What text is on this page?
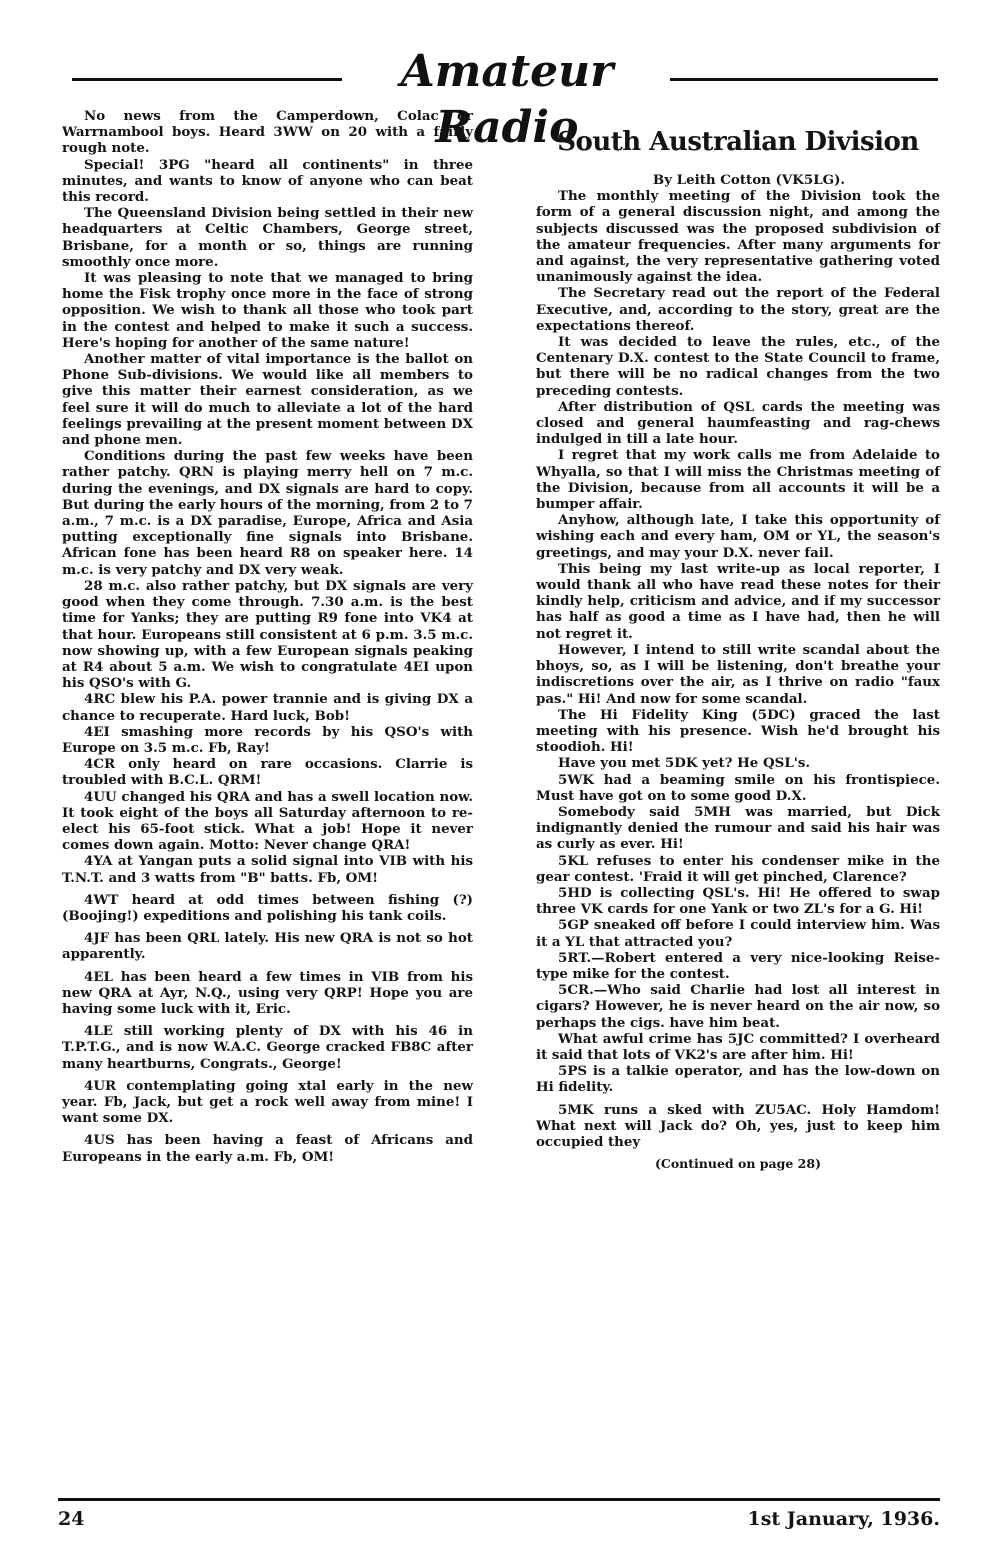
Amateur Radio

No news from the Camperdown, Colac or Warrnambool boys. Heard 3WW on 20 with a fairly rough note.

Special! 3PG "heard all continents" in three minutes, and wants to know of anyone who can beat this record.

The Queensland Division being settled in their new headquarters at Celtic Chambers, George street, Brisbane, for a month or so, things are running smoothly once more.

It was pleasing to note that we managed to bring home the Fisk trophy once more in the face of strong opposition. We wish to thank all those who took part in the contest and helped to make it such a success. Here's hoping for another of the same nature!

Another matter of vital importance is the ballot on Phone Sub-divisions. We would like all members to give this matter their earnest consideration, as we feel sure it will do much to alleviate a lot of the hard feelings prevailing at the present moment between DX and phone men.

Conditions during the past few weeks have been rather patchy. QRN is playing merry hell on 7 m.c. during the evenings, and DX signals are hard to copy. But during the early hours of the morning, from 2 to 7 a.m., 7 m.c. is a DX paradise, Europe, Africa and Asia putting exceptionally fine signals into Brisbane. African fone has been heard R8 on speaker here. 14 m.c. is very patchy and DX very weak.

28 m.c. also rather patchy, but DX signals are very good when they come through. 7.30 a.m. is the best time for Yanks; they are putting R9 fone into VK4 at that hour. Europeans still consistent at 6 p.m. 3.5 m.c. now showing up, with a few European signals peaking at R4 about 5 a.m. We wish to congratulate 4EI upon his QSO's with G.

4RC blew his P.A. power trannie and is giving DX a chance to recuperate. Hard luck, Bob!

4EI smashing more records by his QSO's with Europe on 3.5 m.c. Fb, Ray!

4CR only heard on rare occasions. Clarrie is troubled with B.C.L. QRM!

4UU changed his QRA and has a swell location now. It took eight of the boys all Saturday afternoon to re-elect his 65-foot stick. What a job! Hope it never comes down again. Motto: Never change QRA!

4YA at Yangan puts a solid signal into VIB with his T.N.T. and 3 watts from "B" batts. Fb, OM!

4WT heard at odd times between fishing (?) (Boojing!) expeditions and polishing his tank coils.

4JF has been QRL lately. His new QRA is not so hot apparently.

4EL has been heard a few times in VIB from his new QRA at Ayr, N.Q., using very QRP! Hope you are having some luck with it, Eric.

4LE still working plenty of DX with his 46 in T.P.T.G., and is now W.A.C. George cracked FB8C after many heartburns, Congrats., George!

4UR contemplating going xtal early in the new year. Fb, Jack, but get a rock well away from mine! I want some DX.

4US has been having a feast of Africans and Europeans in the early a.m. Fb, OM!

South Australian Division

By Leith Cotton (VK5LG).

The monthly meeting of the Division took the form of a general discussion night, and among the subjects discussed was the proposed subdivision of the amateur frequencies. After many arguments for and against, the very representative gathering voted unanimously against the idea.

The Secretary read out the report of the Federal Executive, and, according to the story, great are the expectations thereof.

It was decided to leave the rules, etc., of the Centenary D.X. contest to the State Council to frame, but there will be no radical changes from the two preceding contests.

After distribution of QSL cards the meeting was closed and general haumfeasting and rag-chews indulged in till a late hour.

I regret that my work calls me from Adelaide to Whyalla, so that I will miss the Christmas meeting of the Division, because from all accounts it will be a bumper affair.

Anyhow, although late, I take this opportunity of wishing each and every ham, OM or YL, the season's greetings, and may your D.X. never fail.

This being my last write-up as local reporter, I would thank all who have read these notes for their kindly help, criticism and advice, and if my successor has half as good a time as I have had, then he will not regret it.

However, I intend to still write scandal about the bhoys, so, as I will be listening, don't breathe your indiscretions over the air, as I thrive on radio "faux pas." Hi! And now for some scandal.

The Hi Fidelity King (5DC) graced the last meeting with his presence. Wish he'd brought his stoodioh. Hi!

Have you met 5DK yet? He QSL's.

5WK had a beaming smile on his frontispiece. Must have got on to some good D.X.

Somebody said 5MH was married, but Dick indignantly denied the rumour and said his hair was as curly as ever. Hi!

5KL refuses to enter his condenser mike in the gear contest. 'Fraid it will get pinched, Clarence?

5HD is collecting QSL's. Hi! He offered to swap three VK cards for one Yank or two ZL's for a G. Hi!

5GP sneaked off before I could interview him. Was it a YL that attracted you?

5RT.—Robert entered a very nice-looking Reise-type mike for the contest.

5CR.—Who said Charlie had lost all interest in cigars? However, he is never heard on the air now, so perhaps the cigs. have him beat.

What awful crime has 5JC committed? I overheard it said that lots of VK2's are after him. Hi!

5PS is a talkie operator, and has the low-down on Hi fidelity.

5MK runs a sked with ZU5AC. Holy Hamdom! What next will Jack do? Oh, yes, just to keep him occupied they

(Continued on page 28)

24	1st January, 1936.
